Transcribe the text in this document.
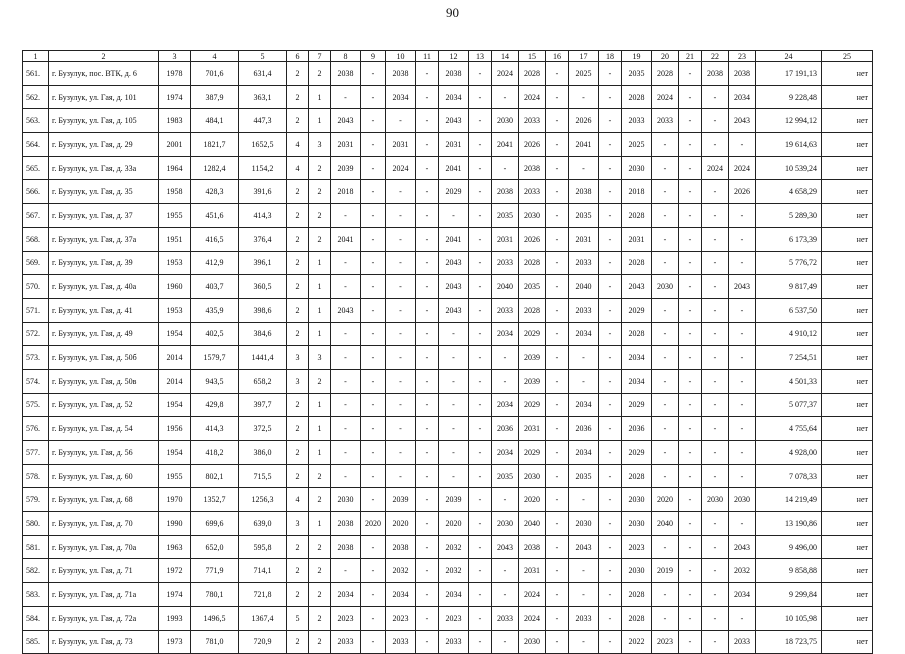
90
1	2	3	4	5	6	7	8	9	10	11	12	13	14	15	16	17	18	19	20	21	22	23	24	25
561.	г. Бузулук, пос. ВТК, д. 6	1978	701,6	631,4	2	2	2038	-	2038	-	2038	-	2024	2028	-	2025	-	2035	2028	-	2038	2038	17 191,13	нет
562.	г. Бузулук, ул. Гая, д. 101	1974	387,9	363,1	2	1	-	-	2034	-	2034	-	-	2024	-	-	-	2028	2024	-	-	2034	9 228,48	нет
563.	г. Бузулук, ул. Гая, д. 105	1983	484,1	447,3	2	1	2043	-	-	-	2043	-	2030	2033	-	2026	-	2033	2033	-	-	2043	12 994,12	нет
564.	г. Бузулук, ул. Гая, д. 29	2001	1821,7	1652,5	4	3	2031	-	2031	-	2031	-	2041	2026	-	2041	-	2025	-	-	-	-	19 614,63	нет
565.	г. Бузулук, ул. Гая, д. 33а	1964	1282,4	1154,2	4	2	2039	-	2024	-	2041	-	-	2038	-	-	-	2030	-	-	2024	2024	10 539,24	нет
566.	г. Бузулук, ул. Гая, д. 35	1958	428,3	391,6	2	2	2018	-	-	-	2029	-	2038	2033	-	2038	-	2018	-	-	-	2026	4 658,29	нет
567.	г. Бузулук, ул. Гая, д. 37	1955	451,6	414,3	2	2	-	-	-	-	-	-	2035	2030	-	2035	-	2028	-	-	-	-	5 289,30	нет
568.	г. Бузулук, ул. Гая, д. 37а	1951	416,5	376,4	2	2	2041	-	-	-	2041	-	2031	2026	-	2031	-	2031	-	-	-	-	6 173,39	нет
569.	г. Бузулук, ул. Гая, д. 39	1953	412,9	396,1	2	1	-	-	-	-	2043	-	2033	2028	-	2033	-	2028	-	-	-	-	5 776,72	нет
570.	г. Бузулук, ул. Гая, д. 40а	1960	403,7	360,5	2	1	-	-	-	-	2043	-	2040	2035	-	2040	-	2043	2030	-	-	2043	9 817,49	нет
571.	г. Бузулук, ул. Гая, д. 41	1953	435,9	398,6	2	1	2043	-	-	-	2043	-	2033	2028	-	2033	-	2029	-	-	-	-	6 537,50	нет
572.	г. Бузулук, ул. Гая, д. 49	1954	402,5	384,6	2	1	-	-	-	-	-	-	2034	2029	-	2034	-	2028	-	-	-	-	4 910,12	нет
573.	г. Бузулук, ул. Гая, д. 50б	2014	1579,7	1441,4	3	3	-	-	-	-	-	-	-	2039	-	-	-	2034	-	-	-	-	7 254,51	нет
574.	г. Бузулук, ул. Гая, д. 50в	2014	943,5	658,2	3	2	-	-	-	-	-	-	-	2039	-	-	-	2034	-	-	-	-	4 501,33	нет
575.	г. Бузулук, ул. Гая, д. 52	1954	429,8	397,7	2	1	-	-	-	-	-	-	2034	2029	-	2034	-	2029	-	-	-	-	5 077,37	нет
576.	г. Бузулук, ул. Гая, д. 54	1956	414,3	372,5	2	1	-	-	-	-	-	-	2036	2031	-	2036	-	2036	-	-	-	-	4 755,64	нет
577.	г. Бузулук, ул. Гая, д. 56	1954	418,2	386,0	2	1	-	-	-	-	-	-	2034	2029	-	2034	-	2029	-	-	-	-	4 928,00	нет
578.	г. Бузулук, ул. Гая, д. 60	1955	802,1	715,5	2	2	-	-	-	-	-	-	2035	2030	-	2035	-	2028	-	-	-	-	7 078,33	нет
579.	г. Бузулук, ул. Гая, д. 68	1970	1352,7	1256,3	4	2	2030	-	2039	-	2039	-	-	2020	-	-	-	2030	2020	-	2030	2030	14 219,49	нет
580.	г. Бузулук, ул. Гая, д. 70	1990	699,6	639,0	3	1	2038	2020	2020	-	2020	-	2030	2040	-	2030	-	2030	2040	-	-	-	13 190,86	нет
581.	г. Бузулук, ул. Гая, д. 70а	1963	652,0	595,8	2	2	2038	-	2038	-	2032	-	2043	2038	-	2043	-	2023	-	-	-	2043	9 496,00	нет
582.	г. Бузулук, ул. Гая, д. 71	1972	771,9	714,1	2	2	-	-	2032	-	2032	-	-	2031	-	-	-	2030	2019	-	-	2032	9 858,88	нет
583.	г. Бузулук, ул. Гая, д. 71а	1974	780,1	721,8	2	2	2034	-	2034	-	2034	-	-	2024	-	-	-	2028	-	-	-	2034	9 299,84	нет
584.	г. Бузулук, ул. Гая, д. 72а	1993	1496,5	1367,4	5	2	2023	-	2023	-	2023	-	2033	2024	-	2033	-	2028	-	-	-	-	10 105,98	нет
585.	г. Бузулук, ул. Гая, д. 73	1973	781,0	720,9	2	2	2033	-	2033	-	2033	-	-	2030	-	-	-	2022	2023	-	-	2033	18 723,75	нет
